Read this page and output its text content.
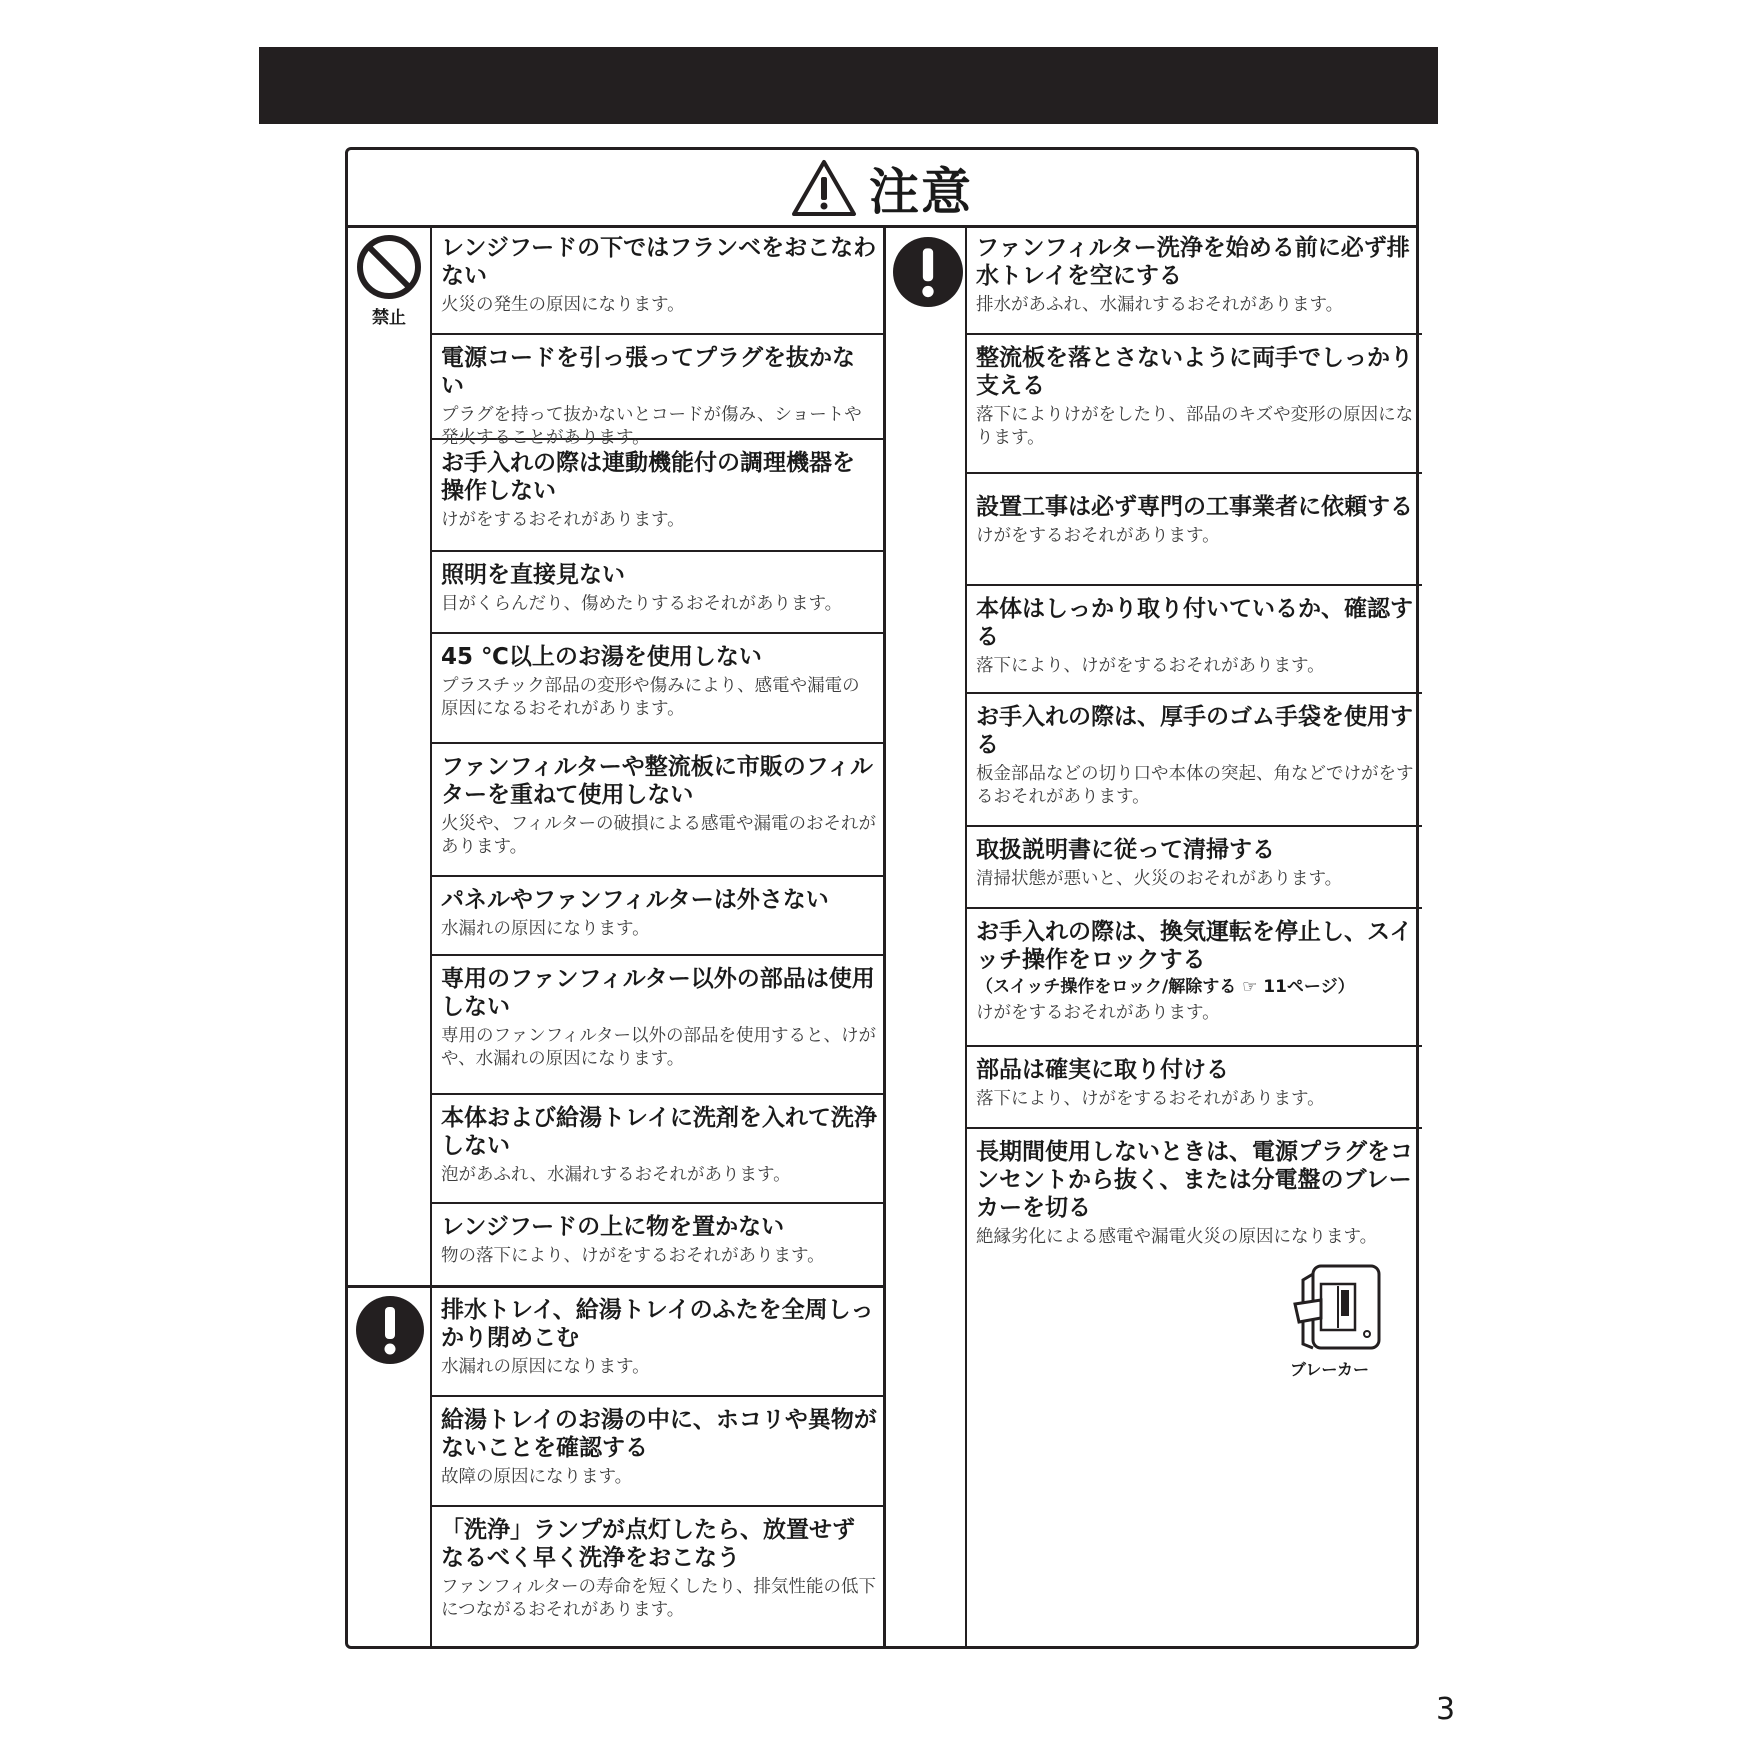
注意
禁止
レンジフードの下ではフランベをおこなわない
火災の発生の原因になります。
電源コードを引っ張ってプラグを抜かない
プラグを持って抜かないとコードが傷み、ショートや発火することがあります。
お手入れの際は連動機能付の調理機器を操作しない
けがをするおそれがあります。
照明を直接見ない
目がくらんだり、傷めたりするおそれがあります。
45 ℃以上のお湯を使用しない
プラスチック部品の変形や傷みにより、感電や漏電の原因になるおそれがあります。
ファンフィルターや整流板に市販のフィルターを重ねて使用しない
火災や、フィルターの破損による感電や漏電のおそれがあります。
パネルやファンフィルターは外さない
水漏れの原因になります。
専用のファンフィルター以外の部品は使用しない
専用のファンフィルター以外の部品を使用すると、けがや、水漏れの原因になります。
本体および給湯トレイに洗剤を入れて洗浄しない
泡があふれ、水漏れするおそれがあります。
レンジフードの上に物を置かない
物の落下により、けがをするおそれがあります。
排水トレイ、給湯トレイのふたを全周しっかり閉めこむ
水漏れの原因になります。
給湯トレイのお湯の中に、ホコリや異物がないことを確認する
故障の原因になります。
「洗浄」ランプが点灯したら、放置せずなるべく早く洗浄をおこなう
ファンフィルターの寿命を短くしたり、排気性能の低下につながるおそれがあります。
ファンフィルター洗浄を始める前に必ず排水トレイを空にする
排水があふれ、水漏れするおそれがあります。
整流板を落とさないように両手でしっかり支える
落下によりけがをしたり、部品のキズや変形の原因になります。
設置工事は必ず専門の工事業者に依頼する
けがをするおそれがあります。
本体はしっかり取り付いているか、確認する
落下により、けがをするおそれがあります。
お手入れの際は、厚手のゴム手袋を使用する
板金部品などの切り口や本体の突起、角などでけがをするおそれがあります。
取扱説明書に従って清掃する
清掃状態が悪いと、火災のおそれがあります。
お手入れの際は、換気運転を停止し、スイッチ操作をロックする
（スイッチ操作をロック/解除する ☞ 11ページ）
けがをするおそれがあります。
部品は確実に取り付ける
落下により、けがをするおそれがあります。
長期間使用しないときは、電源プラグをコンセントから抜く、または分電盤のブレーカーを切る
絶縁劣化による感電や漏電火災の原因になります。
ブレーカー
3
